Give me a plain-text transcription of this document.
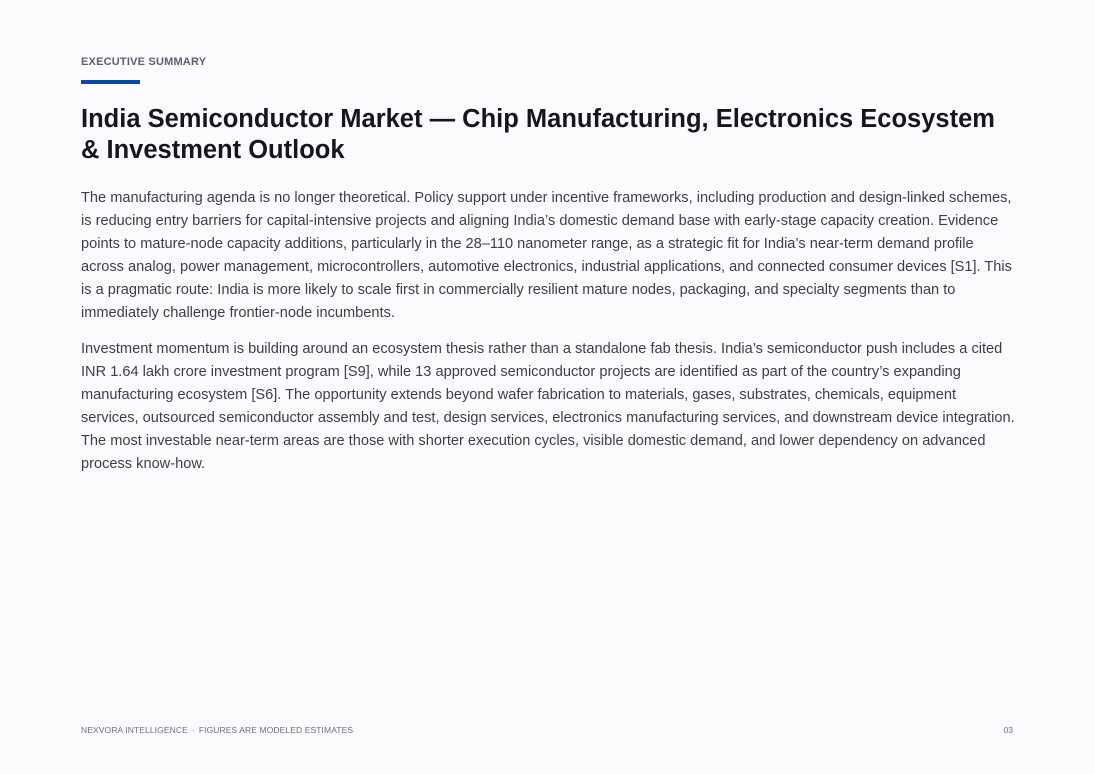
EXECUTIVE SUMMARY
India Semiconductor Market — Chip Manufacturing, Electronics Ecosystem & Investment Outlook

The manufacturing agenda is no longer theoretical. Policy support under incentive frameworks, including production and design-linked schemes, is reducing entry barriers for capital-intensive projects and aligning India’s domestic demand base with early-stage capacity creation. Evidence points to mature-node capacity additions, particularly in the 28–110 nanometer range, as a strategic fit for India’s near-term demand profile across analog, power management, microcontrollers, automotive electronics, industrial applications, and connected consumer devices [S1]. This is a pragmatic route: India is more likely to scale first in commercially resilient mature nodes, packaging, and specialty segments than to immediately challenge frontier-node incumbents.

Investment momentum is building around an ecosystem thesis rather than a standalone fab thesis. India’s semiconductor push includes a cited INR 1.64 lakh crore investment program [S9], while 13 approved semiconductor projects are identified as part of the country’s expanding manufacturing ecosystem [S6]. The opportunity extends beyond wafer fabrication to materials, gases, substrates, chemicals, equipment services, outsourced semiconductor assembly and test, design services, electronics manufacturing services, and downstream device integration. The most investable near-term areas are those with shorter execution cycles, visible domestic demand, and lower dependency on advanced process know-how.

NEXVORA INTELLIGENCE · FIGURES ARE MODELED ESTIMATES	03
